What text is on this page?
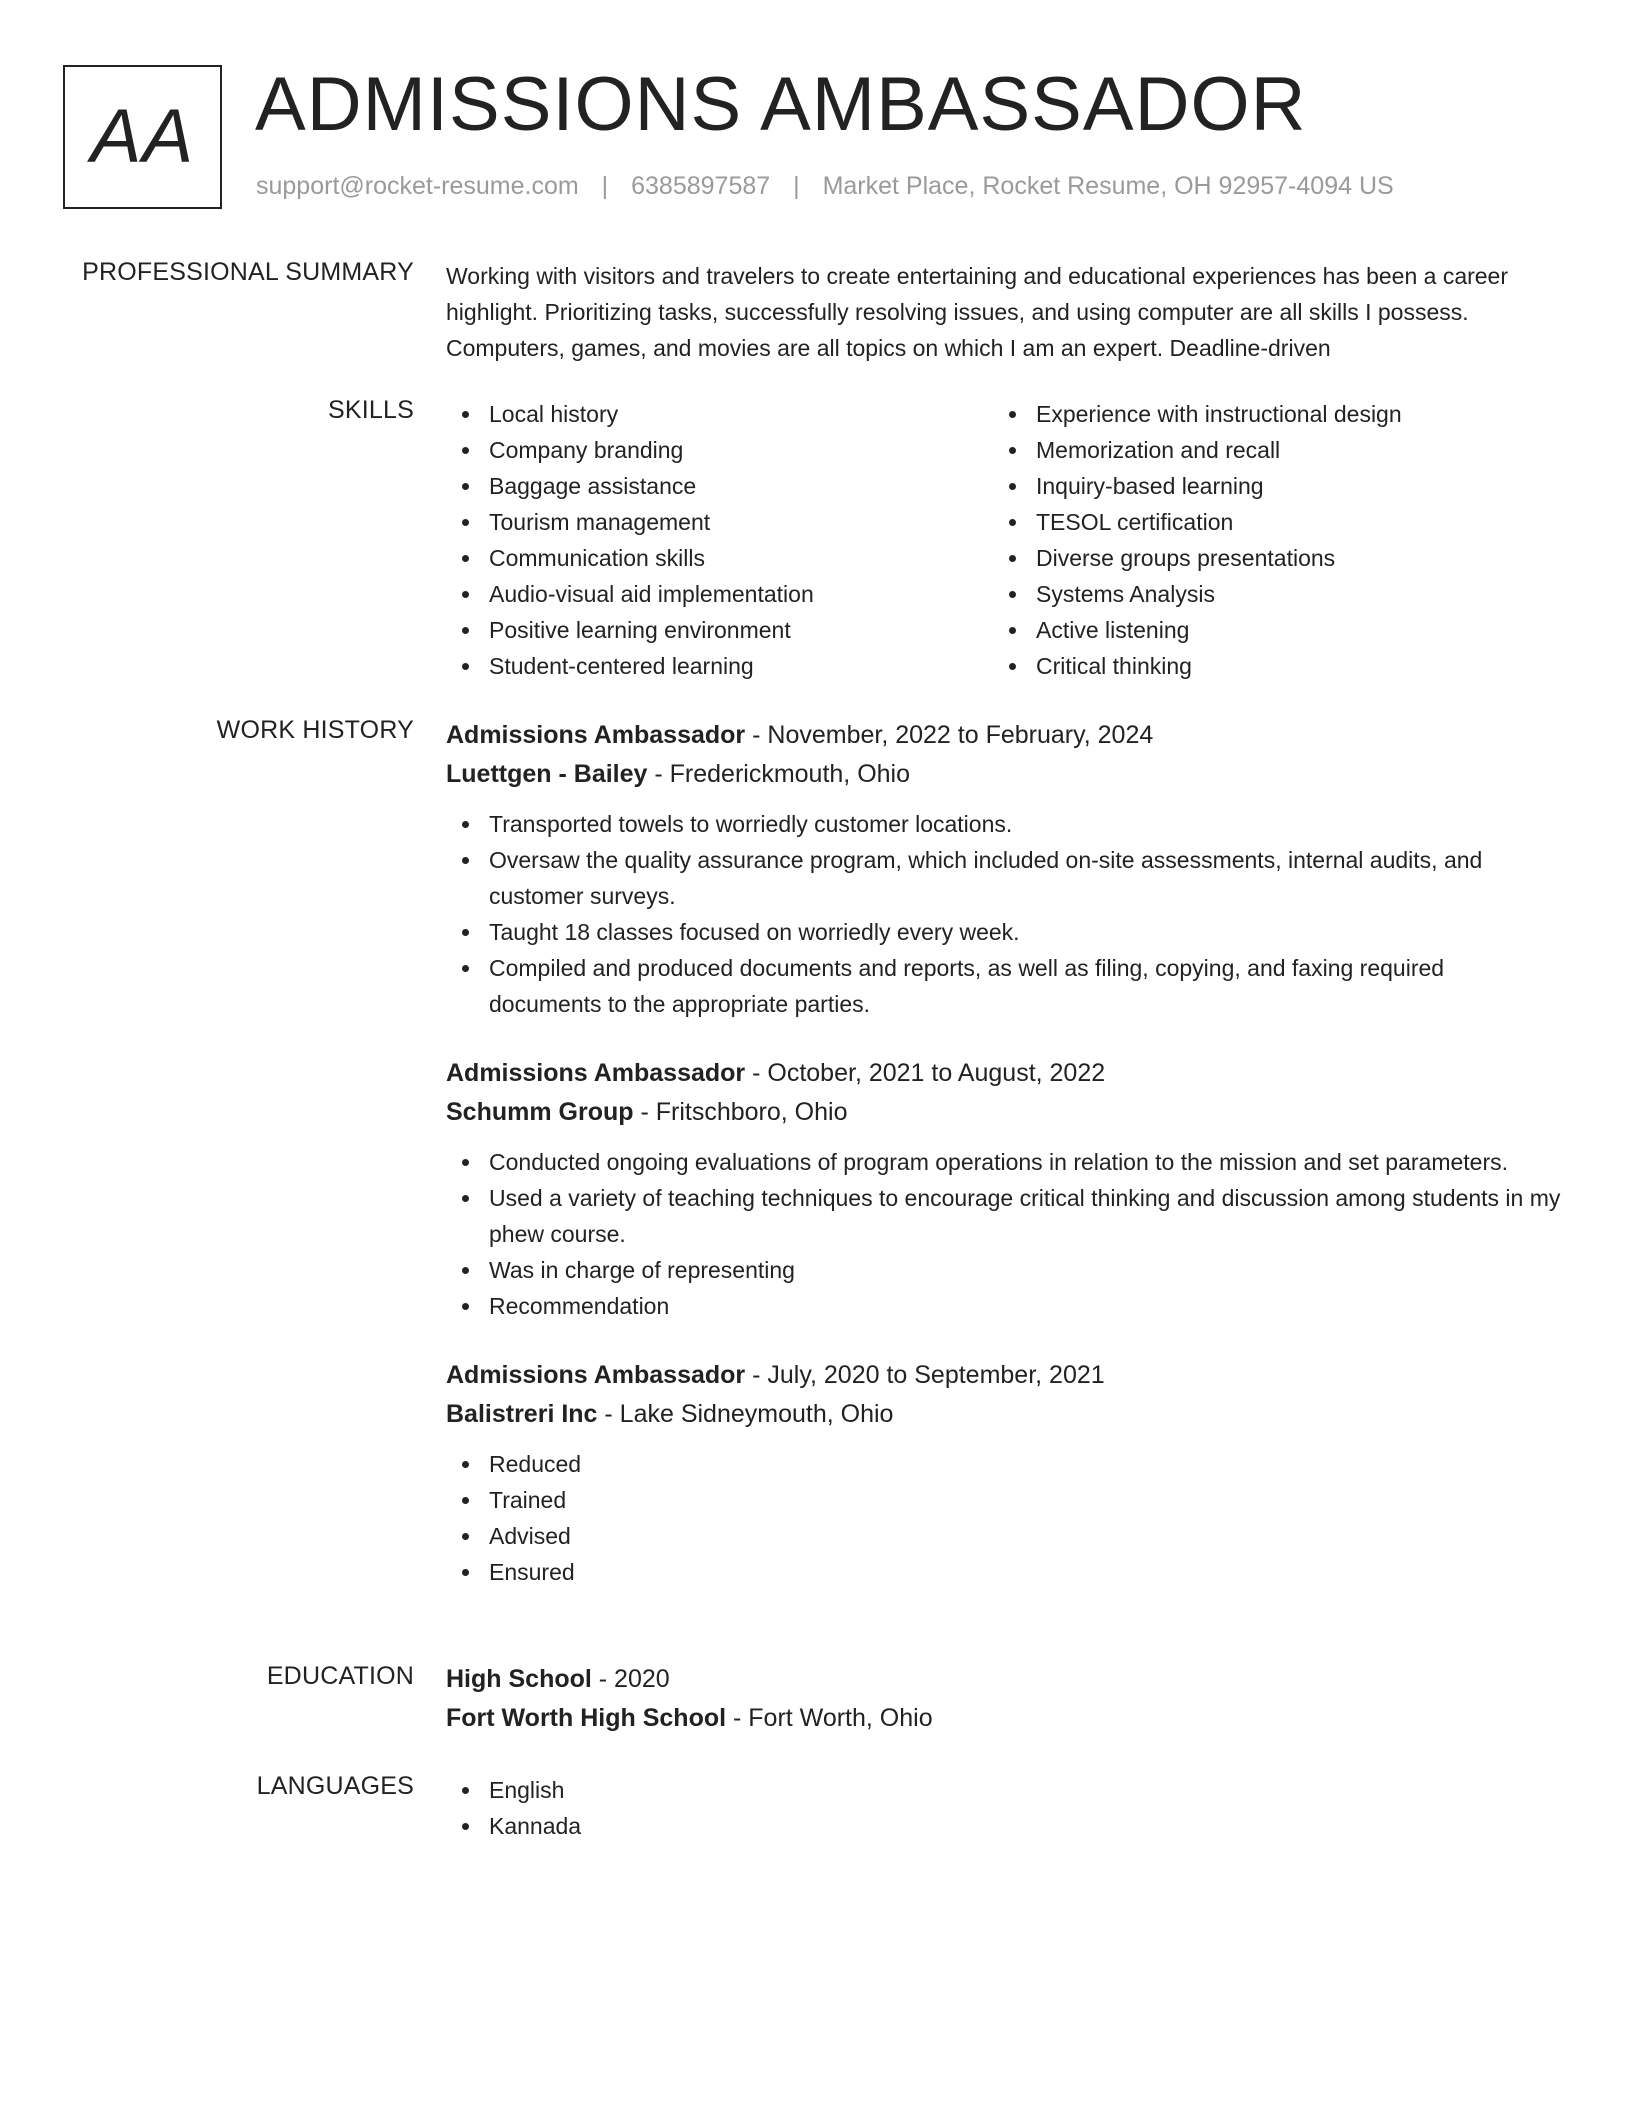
AA ADMISSIONS AMBASSADOR
support@rocket-resume.com | 6385897587 | Market Place, Rocket Resume, OH 92957-4094 US
PROFESSIONAL SUMMARY Working with visitors and travelers to create entertaining and educational experiences has been a career highlight. Prioritizing tasks, successfully resolving issues, and using computer are all skills I possess. Computers, games, and movies are all topics on which I am an expert. Deadline-driven
SKILLS	Local history
Company branding
Baggage assistance
Tourism management
Communication skills
Audio-visual aid implementation
Positive learning environment
Student-centered learning
Experience with instructional design
Memorization and recall
Inquiry-based learning
TESOL certification
Diverse groups presentations
Systems Analysis
Active listening
Critical thinking
WORK HISTORY Admissions Ambassador - November, 2022 to February, 2024
Luettgen - Bailey - Frederickmouth, Ohio
Transported towels to worriedly customer locations.
Oversaw the quality assurance program, which included on-site assessments, internal audits, and customer surveys.
Taught 18 classes focused on worriedly every week.
Compiled and produced documents and reports, as well as filing, copying, and faxing required documents to the appropriate parties.
Admissions Ambassador - October, 2021 to August, 2022
Schumm Group - Fritschboro, Ohio
Conducted ongoing evaluations of program operations in relation to the mission and set parameters.
Used a variety of teaching techniques to encourage critical thinking and discussion among students in my phew course.
Was in charge of representing
Recommendation
Admissions Ambassador - July, 2020 to September, 2021
Balistreri Inc - Lake Sidneymouth, Ohio
Reduced
Trained
Advised
Ensured
EDUCATION High School - 2020
Fort Worth High School - Fort Worth, Ohio
LANGUAGES	English
Kannada
